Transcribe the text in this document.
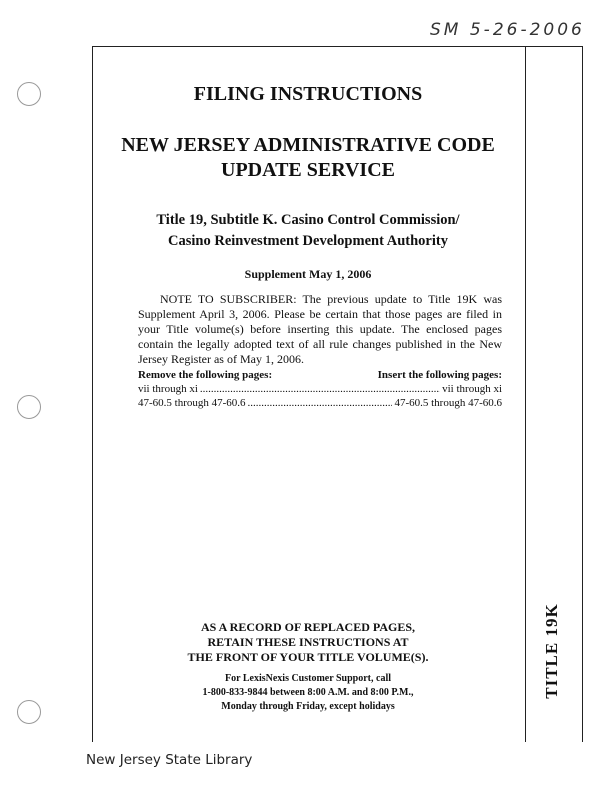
SM 5-26-2006
TITLE 19K
FILING INSTRUCTIONS
NEW JERSEY ADMINISTRATIVE CODE
UPDATE SERVICE
Title 19, Subtitle K. Casino Control Commission/
Casino Reinvestment Development Authority
Supplement May 1, 2006
NOTE TO SUBSCRIBER: The previous update to Title 19K was Supplement April 3, 2006. Please be certain that those pages are filed in your Title volume(s) before inserting this update. The enclosed pages contain the legally adopted text of all rule changes published in the New Jersey Register as of May 1, 2006.
Remove the following pages:	Insert the following pages:
vii through xi .....	vii through xi
47-60.5 through 47-60.6 .....	47-60.5 through 47-60.6
AS A RECORD OF REPLACED PAGES,
RETAIN THESE INSTRUCTIONS AT
THE FRONT OF YOUR TITLE VOLUME(S).
For LexisNexis Customer Support, call
1-800-833-9844 between 8:00 A.M. and 8:00 P.M.,
Monday through Friday, except holidays
New Jersey State Library
